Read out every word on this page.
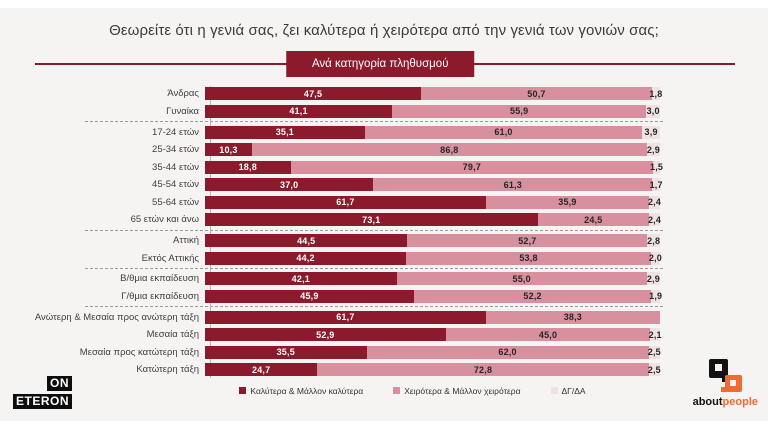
Θεωρείτε ότι η γενιά σας, ζει καλύτερα ή χειρότερα από την γενιά των γονιών σας;
Ανά κατηγορία πληθυσμού
Άνδρας	47,5	50,7	1,8
Γυναίκα	41,1	55,9	3,0
17-24 ετών	35,1	61,0	3,9
25-34 ετών	10,3	86,8	2,9
35-44 ετών	18,8	79,7	1,5
45-54 ετών	37,0	61,3	1,7
55-64 ετών	61,7	35,9	2,4
65 ετών και άνω	73,1	24,5	2,4
Αττική	44,5	52,7	2,8
Εκτός Αττικής	44,2	53,8	2,0
Β/θμια εκπαίδευση	42,1	55,0	2,9
Γ/θμια εκπαίδευση	45,9	52,2	1,9
Ανώτερη & Μεσαία προς ανώτερη τάξη	61,7	38,3
Μεσαία τάξη	52,9	45,0	2,1
Μεσαία προς κατώτερη τάξη	35,5	62,0	2,5
Κατώτερη τάξη	24,7	72,8	2,5
Καλύτερα & Μάλλον καλύτερα	Χειρότερα & Μάλλον χειρότερα	ΔΓ/ΔΑ
ON
ETERON	aboutpeople
